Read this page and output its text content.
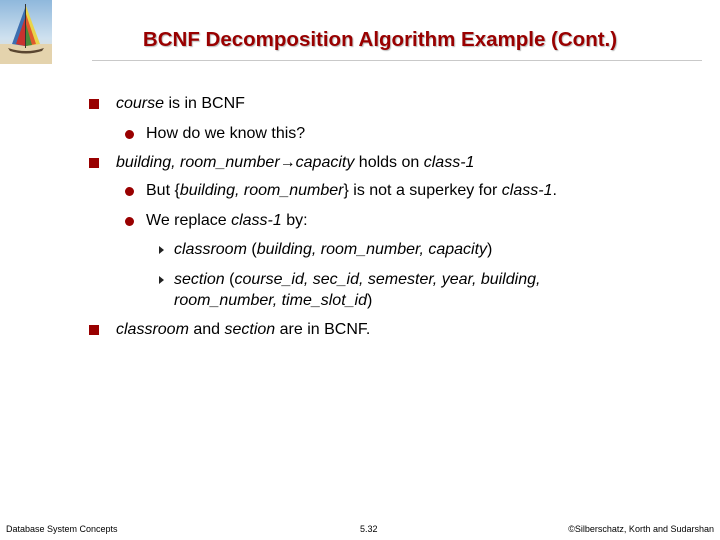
BCNF Decomposition Algorithm Example (Cont.)
course is in BCNF
How do we know this?
building, room_number→capacity holds on class-1
But {building, room_number} is not a superkey for class-1.
We replace class-1 by:
classroom (building, room_number, capacity)
section (course_id, sec_id, semester, year, building,
room_number, time_slot_id)
classroom and section are in BCNF.
Database System Concepts	5.32	©Silberschatz, Korth and Sudarshan
